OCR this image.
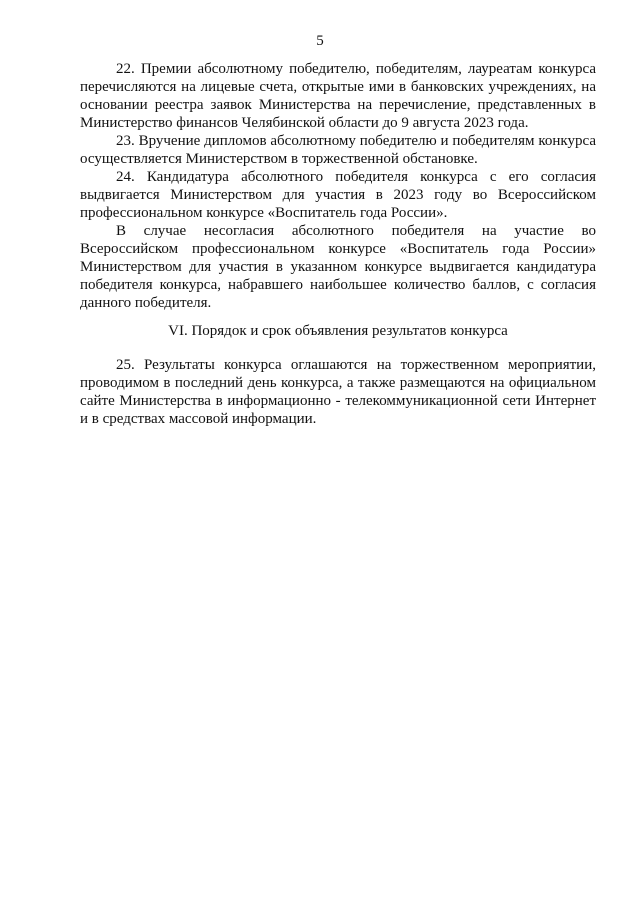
5

22. Премии абсолютному победителю, победителям, лауреатам конкурса перечисляются на лицевые счета, открытые ими в банковских учреждениях, на основании реестра заявок Министерства на перечисление, представленных в Министерство финансов Челябинской области до 9 августа 2023 года.

23. Вручение дипломов абсолютному победителю и победителям конкурса осуществляется Министерством в торжественной обстановке.

24. Кандидатура абсолютного победителя конкурса с его согласия выдвигается Министерством для участия в 2023 году во Всероссийском профессиональном конкурсе «Воспитатель года России».

В случае несогласия абсолютного победителя на участие во Всероссийском профессиональном конкурсе «Воспитатель года России» Министерством для участия в указанном конкурсе выдвигается кандидатура победителя конкурса, набравшего наибольшее количество баллов, с согласия данного победителя.

VI. Порядок и срок объявления результатов конкурса

25. Результаты конкурса оглашаются на торжественном мероприятии, проводимом в последний день конкурса, а также размещаются на официальном сайте Министерства в информационно - телекоммуникационной сети Интернет и в средствах массовой информации.
